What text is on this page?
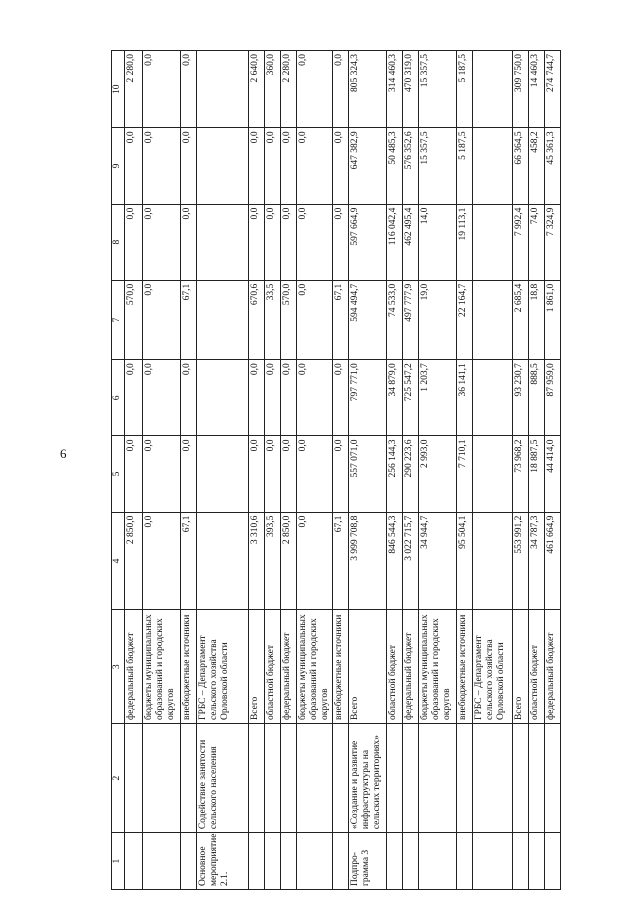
6
1	2	3	4	5	6	7	8	9	10
		федеральный бюджет	2 850,0	0,0	0,0	570,0	0,0	0,0	2 280,0
		бюджеты муниципальных образований и городских округов	0,0	0,0	0,0	0,0	0,0	0,0	0,0
		внебюджетные источники	67,1	0,0	0,0	67,1	0,0	0,0	0,0
Основное мероприятие 2.1.	Содействие занятости сельского населения	ГРБС – Департамент сельского хозяйства Орловской области							
		Всего	3 310,6	0,0	0,0	670,6	0,0	0,0	2 640,0
		областной бюджет	393,5	0,0	0,0	33,5	0,0	0,0	360,0
		федеральный бюджет	2 850,0	0,0	0,0	570,0	0,0	0,0	2 280,0
		бюджеты муниципальных образований и городских округов	0,0	0,0	0,0	0,0	0,0	0,0	0,0
		внебюджетные источники	67,1	0,0	0,0	67,1	0,0	0,0	0,0
Подпро-грамма 3	«Создание и развитие инфраструктуры на сельских территориях»	Всего	3 999 708,8	557 071,0	797 771,0	594 494,7	597 664,9	647 382,9	805 324,3
		областной бюджет	846 544,3	256 144,3	34 879,0	74 533,0	116 042,4	50 485,3	314 460,3
		федеральный бюджет	3 022 715,7	290 223,6	725 547,2	497 777,9	462 495,4	576 352,6	470 319,0
		бюджеты муниципальных образований и городских округов	34 944,7	2 993,0	1 203,7	19,0	14,0	15 357,5	15 357,5
		внебюджетные источники	95 504,1	7 710,1	36 141,1	22 164,7	19 113,1	5 187,5	5 187,5
		ГРБС – Департамент сельского хозяйства Орловской области							
		Всего	553 991,2	73 968,2	93 230,7	2 685,4	7 992,4	66 364,5	309 750,0
		областной бюджет	34 787,3	18 887,5	888,5	18,8	74,0	458,2	14 460,3
		федеральный бюджет	461 664,9	44 414,0	87 959,0	1 861,0	7 324,9	45 361,3	274 744,7
